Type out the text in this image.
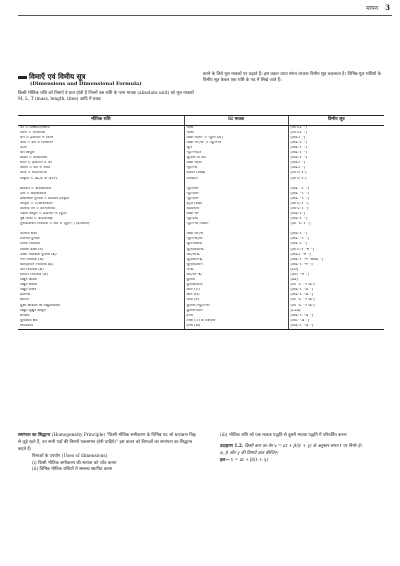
मापन 3
विमाएँ एवं विमीय सूत्र
(Dimensions and Dimensional Formula)
किसी भौतिक राशि को विमाएँ वे घात होती हैं जिनमें उस राशि के परम मात्रक (absolute unit) को मूल मात्रकों M, L, T (mass, length, time) आदि में प्रकट
करने के लिये मूल मात्रकों पर चढ़ाते हैं। इस प्रकार प्राप्त संगत व्यंजक विमीय सूत्र कहलाता है। विभिन्न मूल राशियों के विमीय सूत्र केवल एक राशि के पद में लिखे जाते हैं।
भौतिक राशि	SI मात्रक	विमीय सूत्र
वेग = विस्थापन/समय	मी/से	[M⁰LT⁻¹]
त्वरण = वेग/समय	मी/से²	[M⁰LT⁻²]
बल = द्रव्यमान × त्वरण	किग्रा-मी/से² = न्यूटन (N)	[MLT⁻²]
कार्य = बल × विस्थापन	किग्रा-मी²/से² = न्यूटन-मी	[ML²T⁻²]
ऊर्जा	जूल	[ML²T⁻²]
बल आघूर्ण	न्यूटन-मीटर	[ML²T⁻²]
शक्ति = कार्य/समय	जूल/से या वाट	[ML²T⁻³]
संवेग = द्रव्यमान × वेग	किग्रा-मी/से	[MLT⁻¹]
आवेग = बल × समय	न्यूटन-से	[MLT⁻¹]
कोण = चाप/त्रिज्या	रेडियन (rad)	[M⁰L⁰T⁰]
विकृति = ΔL/L या ΔV/V	विमाहीन	[M⁰L⁰T⁰]
प्रतिबल = बल/क्षेत्रफल	न्यूटन/मी²	[ML⁻¹T⁻²]
दाब = बल/क्षेत्रफल	न्यूटन/मी²	[ML⁻¹T⁻²]
प्रत्यास्थता गुणांक = प्रतिबल /विकृति	न्यूटन/मी²	[ML⁻¹T⁻²]
आवृत्ति = 1/आवर्तकाल	हर्ट्ज (Hz)	[M⁰L⁰T⁻¹]
कोणीय वेग = कोण/समय	रेडियन/से	[M⁰L⁰T⁻¹]
जड़त्व आघूर्ण = द्रव्यमान × (दूरी)²	किग्रा-मी²	[ML²T⁰]
पृष्ठ तनाव = बल/लम्बाई	न्यूटन/मी	[ML⁰T⁻²]
गुरुत्वाकर्षण नियतांक = बल × (दूरी)² / (द्रव्यमान)²	न्यूटन-मी²/किग्रा²	[M⁻¹L³T⁻²]
कोणीय संवेग	किग्रा-मी²/से	[ML²T⁻¹]
श्यानता गुणांक	न्यूटन-से/मी²	[ML⁻¹T⁻¹]
प्लांक नियतांक	जूल-सेकण्ड	[ML²T⁻¹]
विशिष्ट ऊष्मा (s)	जूल/किग्रा-K	[M⁰L²T⁻²θ⁻¹]
ऊष्मा चालकता गुणांक (K)	वाट/मी-K	[MLT⁻³θ⁻¹]
गैस नियतांक (R)	जूल/मोल-K	[ML²T⁻²θ⁻¹mol⁻¹]
बोल्ट्ज़मान नियतांक (k)	जूल/केल्विन	[ML²T⁻²θ⁻¹]
वीन नियतांक (b)	मी-K	[Lθ]
स्टीफन नियतांक (σ)	वाट/मी²-K⁴	[MT⁻³θ⁻⁴]
विद्युत आवेश	कूलॉम	[AT]
विद्युत धारिता	कूलॉम/वोल्ट	[M⁻¹L⁻²T⁴A²]
विद्युत विभव	वोल्ट (V)	[ML²T⁻³A⁻¹]
प्रतिरोध	ओम (Ω)	[ML²T⁻³A⁻²]
धारिता	फैरड (F)	[M⁻¹L⁻²T⁴A²]
मुक्त आकाश की विद्युतशीलता	कूलॉम²/न्यूटन-मी²	[M⁻¹L⁻³T⁴A²]
विद्युत द्विध्रुव आघूर्ण	कूलॉम-मीटर	[LTA]
प्रेरकत्व	हेनरी	[ML²T⁻²A⁻²]
चुम्बकीय क्षेत्र	टेस्ला (T) या वेबर/मी²	[MT⁻²A⁻¹]
स्वप्रेरकत्व	हेनरी (H)	[ML²T⁻²A⁻²]
समांगता का सिद्धान्त (Homogeneity Principle) "किसी भौतिक समीकरण के विभिन्न पद जो धन/ऋण चिह्न से जुड़े रहते हैं, उन सभी पदों की विमायें एकसमान होनी चाहिये।" इस कथन को विमाओं का समांगता का सिद्धान्त कहते हैं।
विमाओं के उपयोग (Uses of dimensions)
(i) किसी भौतिक समीकरण की सत्यता को जाँच करना
(ii) विभिन्न भौतिक राशियों में सम्बन्ध स्थापित करना
(iii) भौतिक राशि को एक मात्रक पद्धति से दूसरी मात्रक पद्धति में परिवर्तित करना
उदाहरण 1.2. किसी कण का वेग v = at + β/(t + γ) के अनुसार समय t पर निर्भर है।
α, β और γ की विमायें ज्ञात कीजिए।
हल— v = at + β/(t + γ)
